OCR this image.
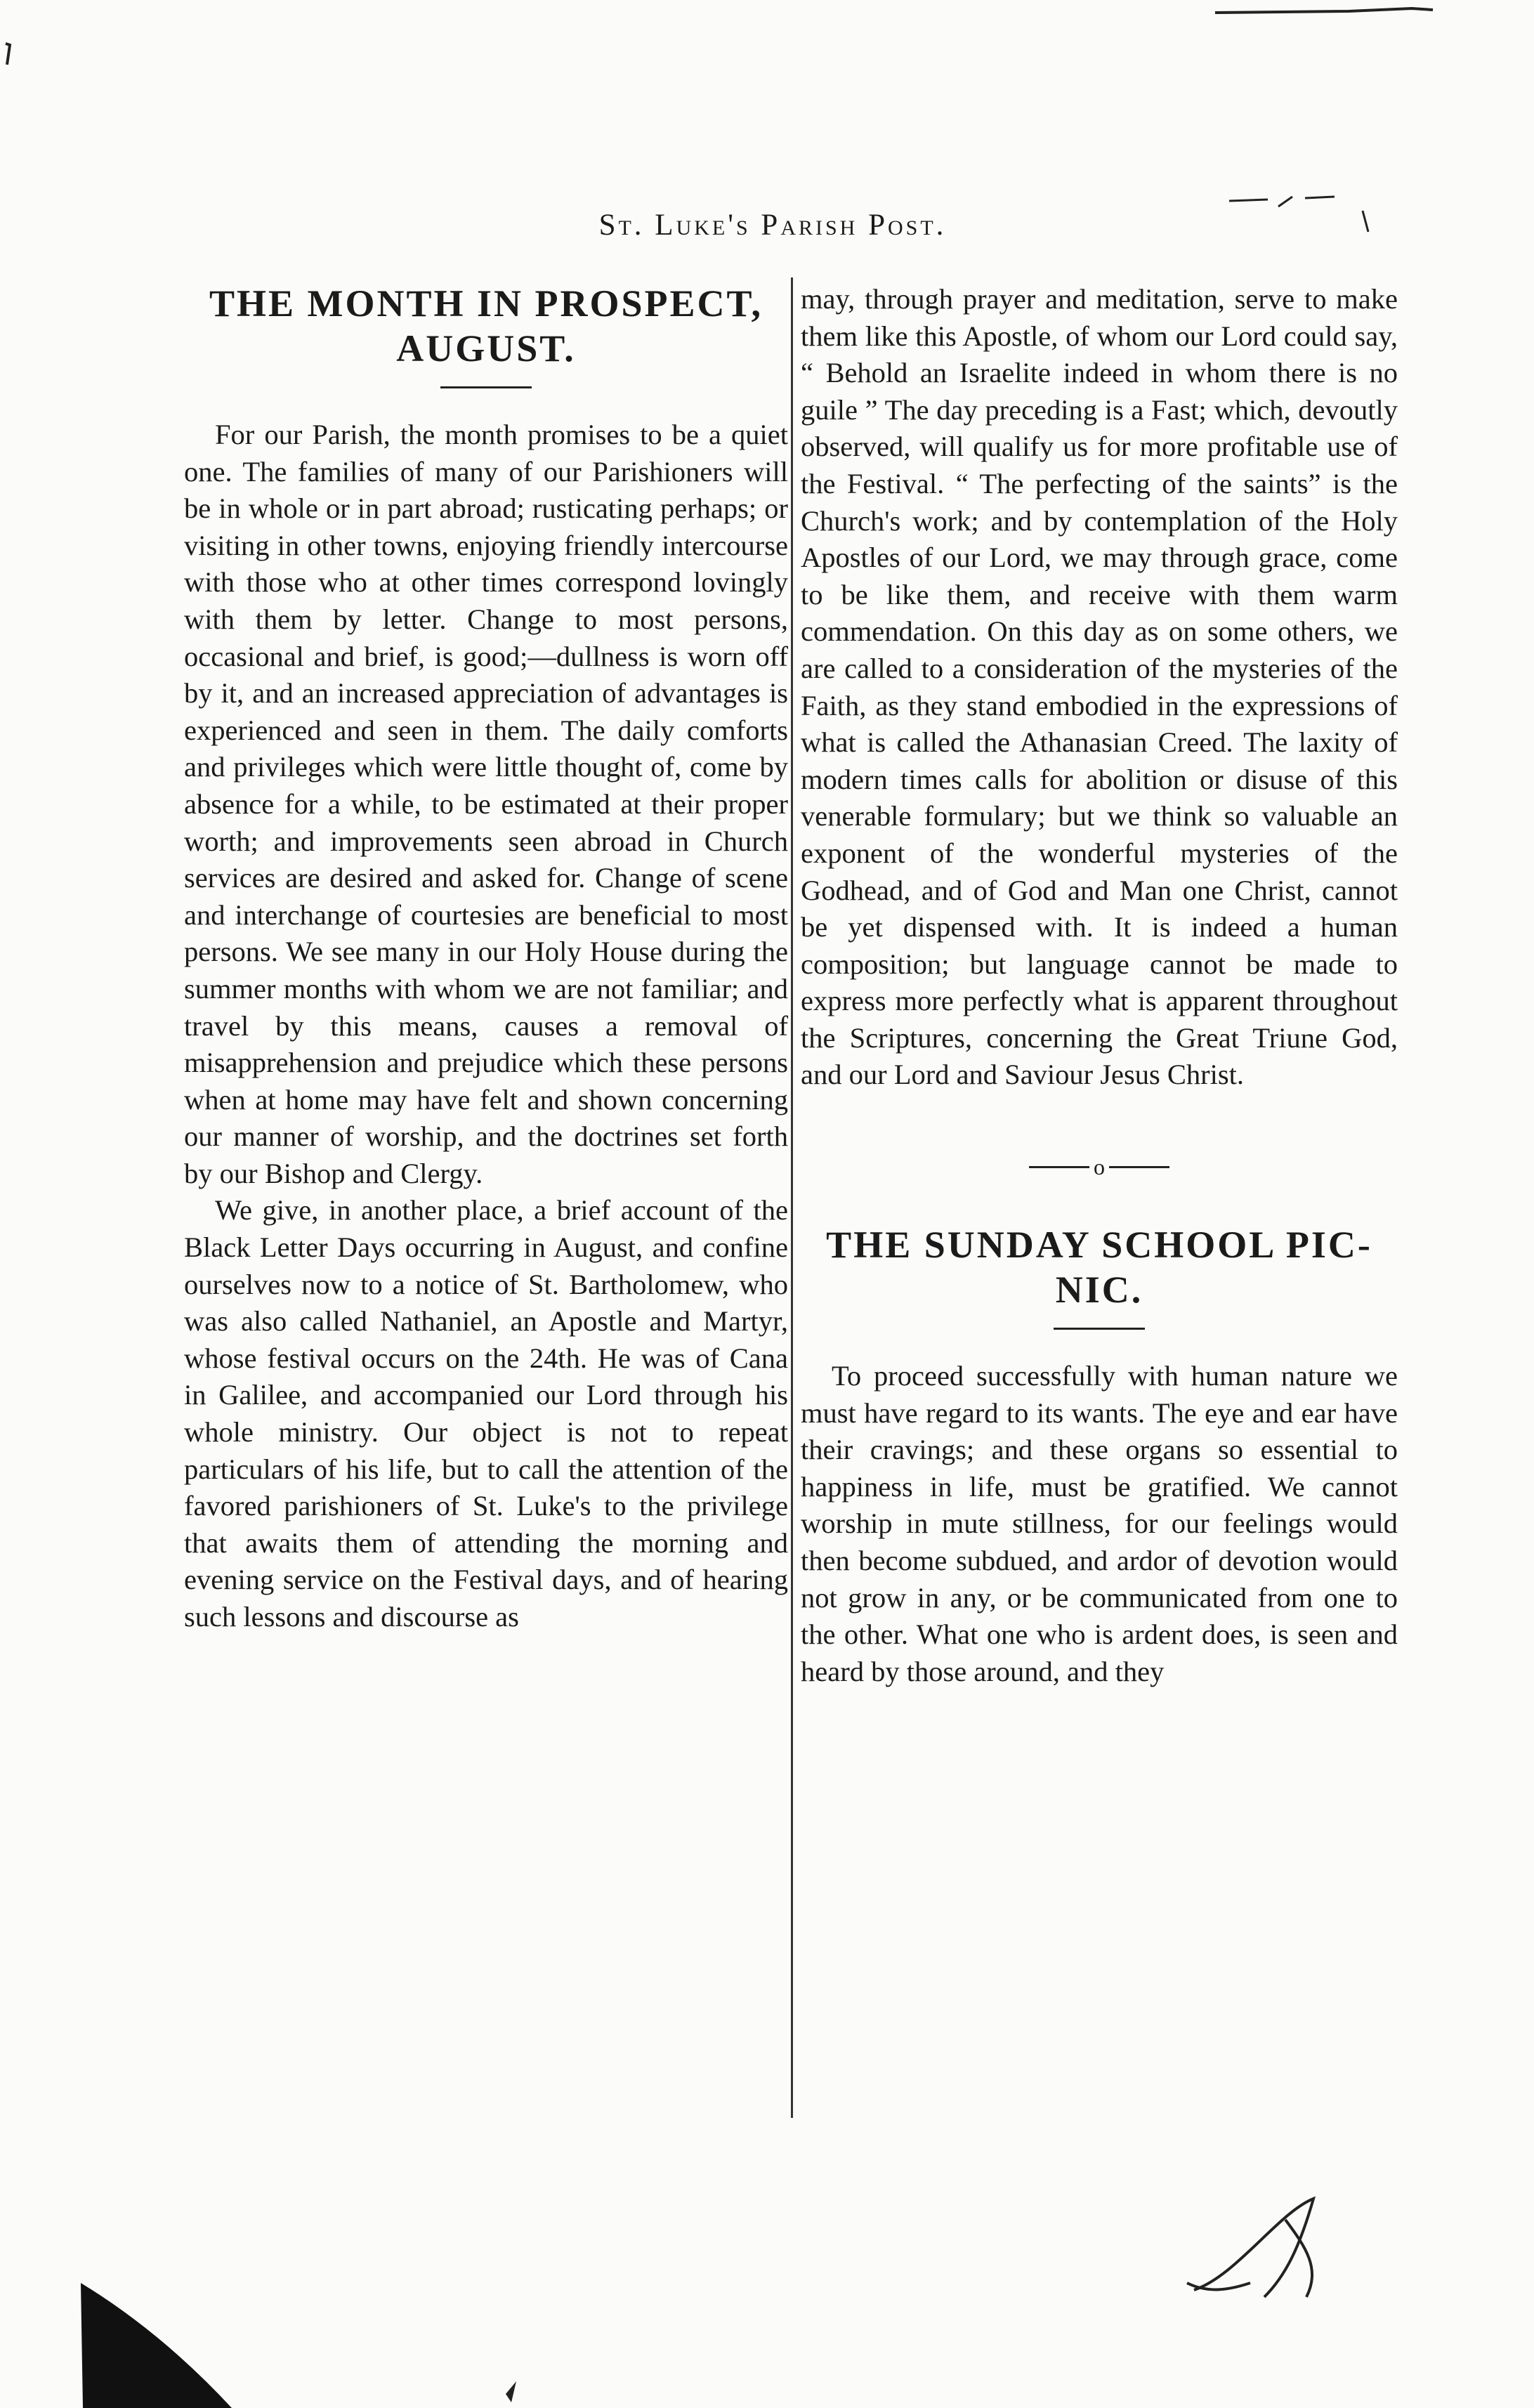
St. Luke's Parish Post.
THE MONTH IN PROSPECT, AUGUST.

For our Parish, the month promises to be a quiet one. The families of many of our Parishioners will be in whole or in part abroad; rusticating perhaps; or visiting in other towns, enjoying friendly intercourse with those who at other times correspond lovingly with them by letter. Change to most persons, occasional and brief, is good;—dullness is worn off by it, and an increased appreciation of advantages is experienced and seen in them. The daily comforts and privileges which were little thought of, come by absence for a while, to be estimated at their proper worth; and improvements seen abroad in Church services are desired and asked for. Change of scene and interchange of courtesies are beneficial to most persons. We see many in our Holy House during the summer months with whom we are not familiar; and travel by this means, causes a removal of misapprehension and prejudice which these persons when at home may have felt and shown concerning our manner of worship, and the doctrines set forth by our Bishop and Clergy.

We give, in another place, a brief account of the Black Letter Days occurring in August, and confine ourselves now to a notice of St. Bartholomew, who was also called Nathaniel, an Apostle and Martyr, whose festival occurs on the 24th. He was of Cana in Galilee, and accompanied our Lord through his whole ministry. Our object is not to repeat particulars of his life, but to call the attention of the favored parishioners of St. Luke's to the privilege that awaits them of attending the morning and evening service on the Festival days, and of hearing such lessons and discourse as

may, through prayer and meditation, serve to make them like this Apostle, of whom our Lord could say, “ Behold an Israelite indeed in whom there is no guile ” The day preceding is a Fast; which, devoutly observed, will qualify us for more profitable use of the Festival. “ The perfecting of the saints” is the Church's work; and by contemplation of the Holy Apostles of our Lord, we may through grace, come to be like them, and receive with them warm commendation. On this day as on some others, we are called to a consideration of the mysteries of the Faith, as they stand embodied in the expressions of what is called the Athanasian Creed. The laxity of modern times calls for abolition or disuse of this venerable formulary; but we think so valuable an exponent of the wonderful mysteries of the Godhead, and of God and Man one Christ, cannot be yet dispensed with. It is indeed a human composition; but language cannot be made to express more perfectly what is apparent throughout the Scriptures, concerning the Great Triune God, and our Lord and Saviour Jesus Christ.

o
THE SUNDAY SCHOOL PIC-NIC.

To proceed successfully with human nature we must have regard to its wants. The eye and ear have their cravings; and these organs so essential to happiness in life, must be gratified. We cannot worship in mute stillness, for our feelings would then become subdued, and ardor of devotion would not grow in any, or be communicated from one to the other. What one who is ardent does, is seen and heard by those around, and they
